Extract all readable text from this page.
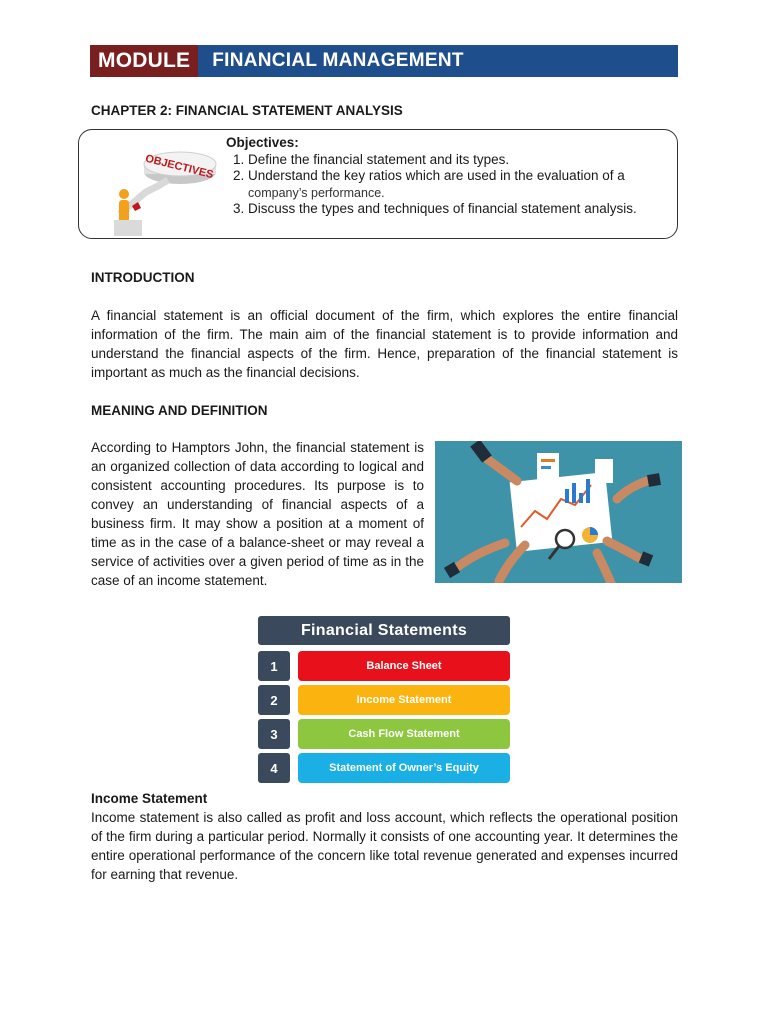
MODULE	FINANCIAL MANAGEMENT
CHAPTER 2: FINANCIAL STATEMENT ANALYSIS
OBJECTIVES
Objectives:
1. Define the financial statement and its types.
2. Understand the key ratios which are used in the evaluation of a
company’s performance.
3. Discuss the types and techniques of financial statement analysis.
INTRODUCTION

A financial statement is an official document of the firm, which explores the entire financial information of the firm. The main aim of the financial statement is to provide information and understand the financial aspects of the firm. Hence, preparation of the financial statement is important as much as the financial decisions.

MEANING AND DEFINITION

According to Hamptors John, the financial statement is an organized collection of data according to logical and consistent accounting procedures. Its purpose is to convey an understanding of financial aspects of a business firm. It may show a position at a moment of time as in the case of a balance-sheet or may reveal a service of activities over a given period of time as in the case of an income statement.

Financial Statements
1	Balance Sheet
2	Income Statement
3	Cash Flow Statement
4	Statement of Owner’s Equity
Income Statement

Income statement is also called as profit and loss account, which reflects the operational position of the firm during a particular period. Normally it consists of one accounting year. It determines the entire operational performance of the concern like total revenue generated and expenses incurred for earning that revenue.
